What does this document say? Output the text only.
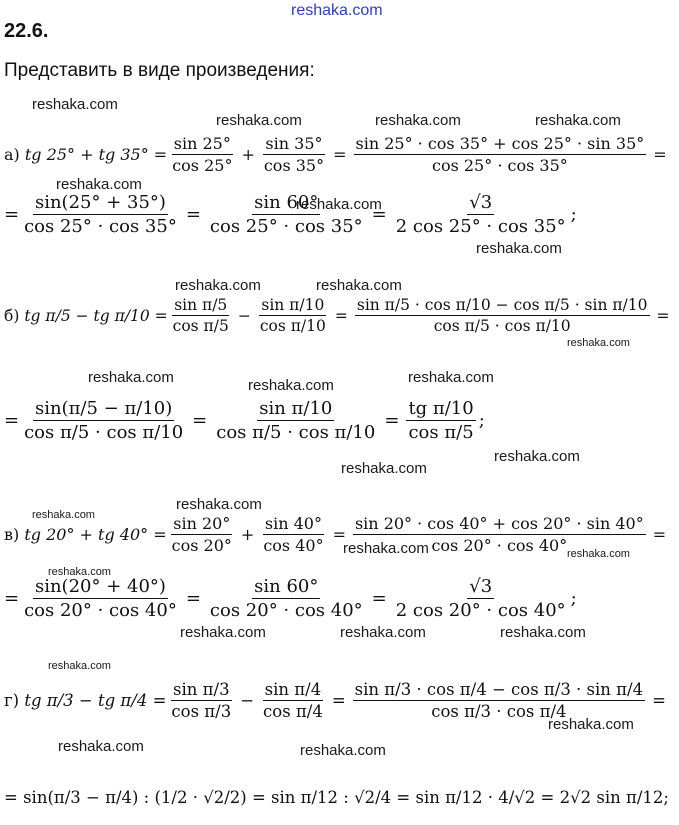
reshaka.com
22.6.
Представить в виде произведения:
reshaka.com
reshaka.com	reshaka.com	reshaka.com
а)
tg 25° + tg $35^\circ = \frac{\sin 25^\circ}{\cos 25^\circ} + \frac{\sin 35^\circ}{\cos 35^\circ} = \frac{\sin 25^\circ \cdot \cos 35^\circ + \cos 25^\circ \cdot \sin 35^\circ}{\cos 25^\circ \cdot \cos 35^\circ}$ =
reshaka.com
= $\frac{\sin(25^\circ + 35^\circ)}{\cos 25^\circ \cdot \cos 35^\circ} = \frac{\sin 60^\circ}{\cos 25^\circ \cdot \cos 35^\circ} = \frac{√3}{2 \cos 25^\circ \cdot \cos 35^\circ}$ ;
reshaka.com
reshaka.com
reshaka.com	reshaka.com
б)
tg π/5 − tg $\pi/10 = \frac{\text{sin π/5}}{\text{cos π/5}} - \frac{\text{sin π/10}}{\text{cos π/10}} = \frac{\text{sin π/5 · cos π/10 − cos π/5 · sin π/10}}{\text{cos π/5 · cos π/10}}$ =
reshaka.com
reshaka.com	reshaka.com	reshaka.com
= $\frac{\sin(\pi/5 - \pi/10)}{\text{cos π/5 · cos π/10}} = \frac{\text{sin π/10}}{\text{cos π/5 · cos π/10}} = \frac{\text{tg π/10}}{\text{cos π/5}}$ ;
reshaka.com
reshaka.com
reshaka.com
reshaka.com
в)
tg 20° + tg $40^\circ = \frac{\sin 20^\circ}{\cos 20^\circ} + \frac{\sin 40^\circ}{\cos 40^\circ} = \frac{\sin 20^\circ \cdot \cos 40^\circ + \cos 20^\circ \cdot \sin 40^\circ}{\cos 20^\circ \cdot \cos 40^\circ}$ =
reshaka.com	reshaka.com
reshaka.com
= $\frac{\sin(20^\circ + 40^\circ)}{\cos 20^\circ \cdot \cos 40^\circ} = \frac{\sin 60^\circ}{\cos 20^\circ \cdot \cos 40^\circ} = \frac{√3}{2 \cos 20^\circ \cdot \cos 40^\circ}$ ;
reshaka.com	reshaka.com	reshaka.com
reshaka.com
г)
tg π/3 − tg $\pi/4 = \frac{\text{sin π/3}}{\text{cos π/3}} - \frac{\text{sin π/4}}{\text{cos π/4}} = \frac{\text{sin π/3 · cos π/4 − cos π/3 · sin π/4}}{\text{cos π/3 · cos π/4}}$ =
reshaka.com
reshaka.com	reshaka.com
= sin(π/3 − π/4) : (1/2 · √2/2) = sin π/12 : √2/4 = sin π/12 · 4/√2 = 2√2 sin π/12;
